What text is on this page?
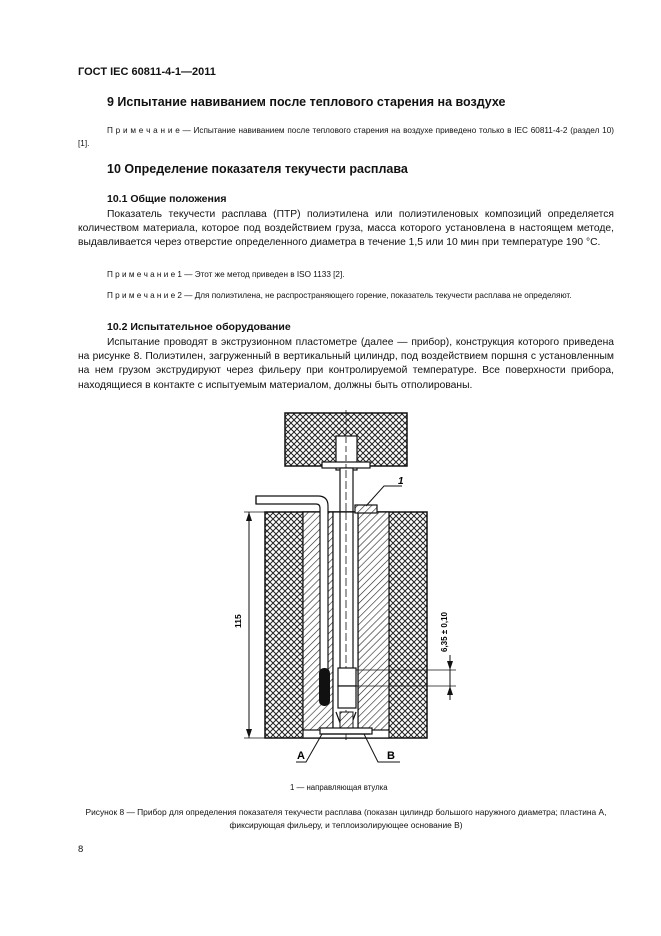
ГОСТ IEC 60811-4-1—2011
9 Испытание навиванием после теплового старения на воздухе
П р и м е ч а н и е — Испытание навиванием после теплового старения на воздухе приведено только в IEC 60811-4-2 (раздел 10) [1].
10 Определение показателя текучести расплава
10.1 Общие положения
Показатель текучести расплава (ПТР) полиэтилена или полиэтиленовых композиций определяется количеством материала, которое под воздействием груза, масса которого установлена в настоящем методе, выдавливается через отверстие определенного диаметра в течение 1,5 или 10 мин при температуре 190 °С.
П р и м е ч а н и е 1 — Этот же метод приведен в ISO 1133 [2].
П р и м е ч а н и е 2 — Для полиэтилена, не распространяющего горение, показатель текучести расплава не определяют.
10.2 Испытательное оборудование
Испытание проводят в экструзионном пластометре (далее — прибор), конструкция которого приведена на рисунке 8. Полиэтилен, загруженный в вертикальный цилиндр, под воздействием поршня с установленным на нем грузом экструдируют через фильеру при контролируемой температуре. Все поверхности прибора, находящиеся в контакте с испытуемым материалом, должны быть отполированы.
1
А	В
115	6,35 ± 0,10
1 — направляющая втулка
Рисунок 8 — Прибор для определения показателя текучести расплава (показан цилиндр большого наружного диаметра; пластина А, фиксирующая фильеру, и теплоизолирующее основание В)
8
